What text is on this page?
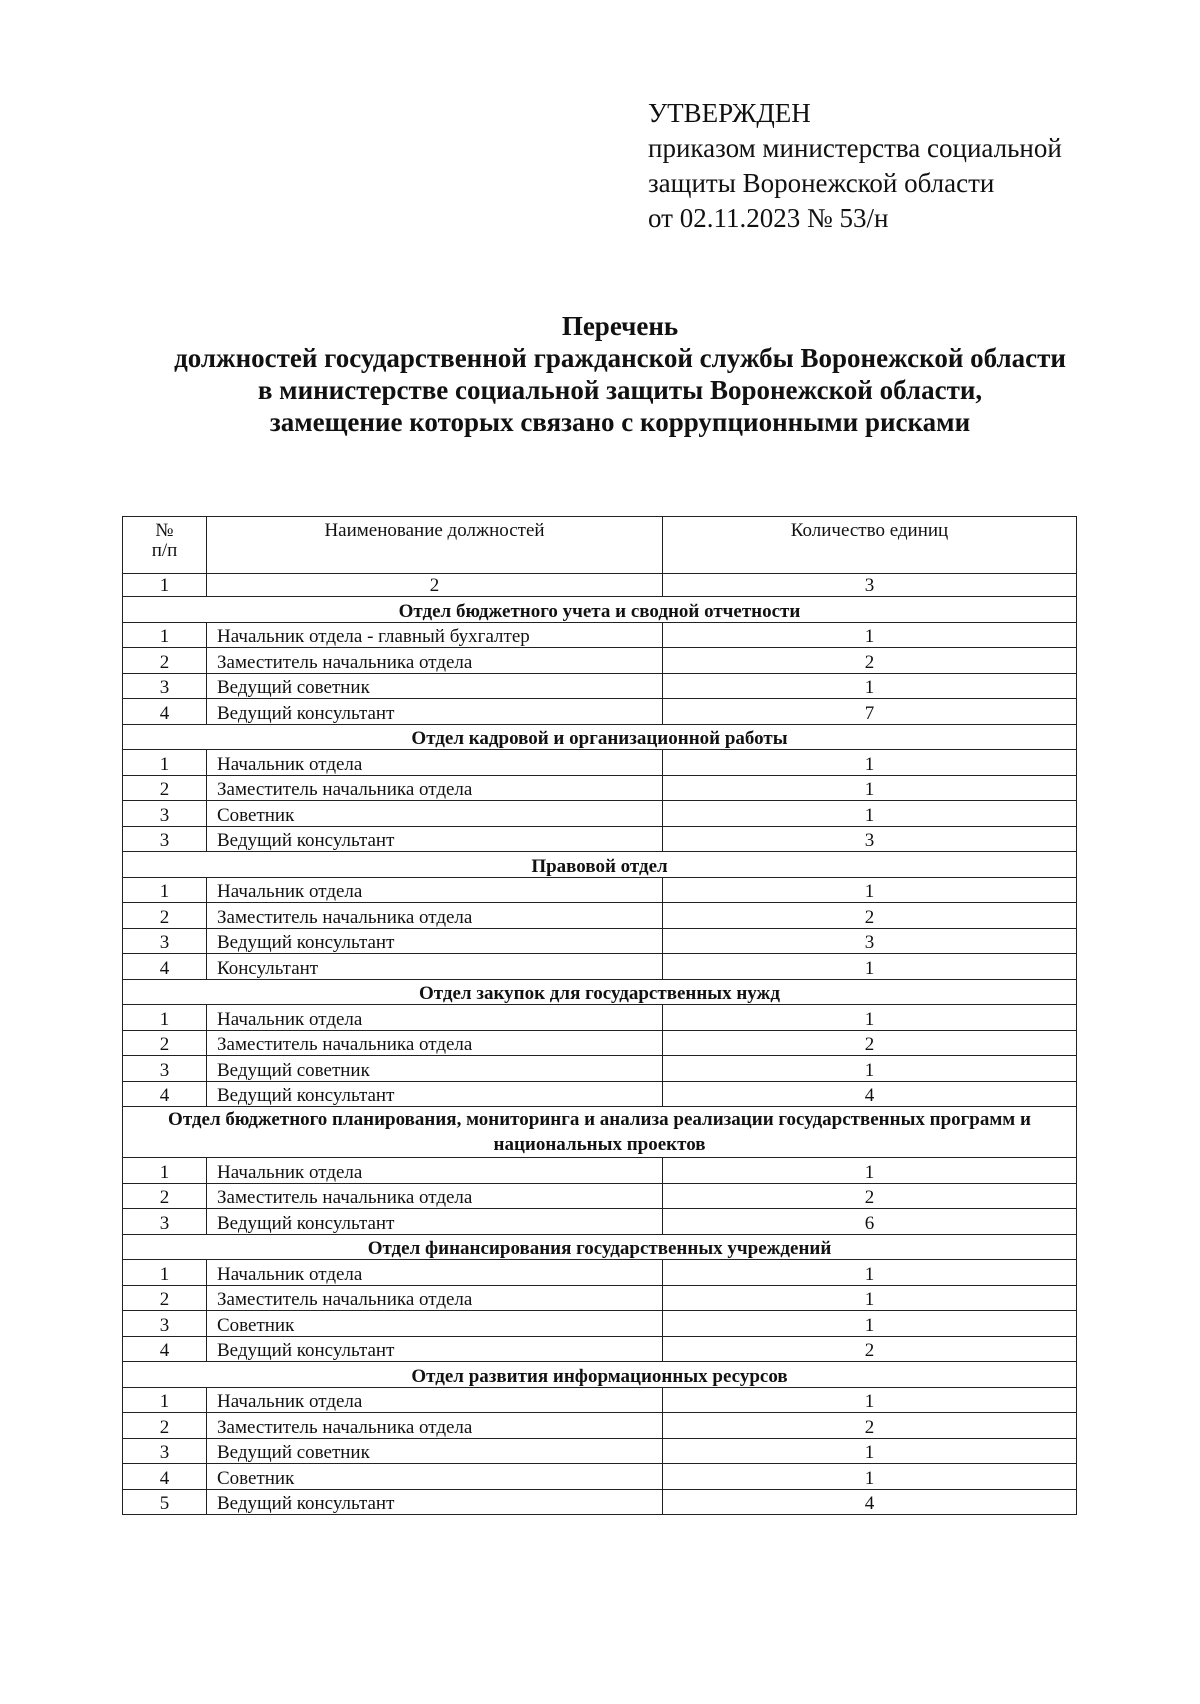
УТВЕРЖДЕН
приказом министерства социальной
защиты Воронежской области
от 02.11.2023 № 53/н
Перечень
должностей государственной гражданской службы Воронежской области
в министерстве социальной защиты Воронежской области,
замещение которых связано с коррупционными рисками
№
п/п	Наименование должностей	Количество единиц
1	2	3
Отдел бюджетного учета и сводной отчетности		
1	Начальник отдела - главный бухгалтер	1
2	Заместитель начальника отдела	2
3	Ведущий советник	1
4	Ведущий консультант	7
Отдел кадровой и организационной работы		
1	Начальник отдела	1
2	Заместитель начальника отдела	1
3	Советник	1
3	Ведущий консультант	3
Правовой отдел		
1	Начальник отдела	1
2	Заместитель начальника отдела	2
3	Ведущий консультант	3
4	Консультант	1
Отдел закупок для государственных нужд		
1	Начальник отдела	1
2	Заместитель начальника отдела	2
3	Ведущий советник	1
4	Ведущий консультант	4
Отдел бюджетного планирования, мониторинга и анализа реализации государственных программ и национальных проектов		
1	Начальник отдела	1
2	Заместитель начальника отдела	2
3	Ведущий консультант	6
Отдел финансирования государственных учреждений		
1	Начальник отдела	1
2	Заместитель начальника отдела	1
3	Советник	1
4	Ведущий консультант	2
Отдел развития информационных ресурсов		
1	Начальник отдела	1
2	Заместитель начальника отдела	2
3	Ведущий советник	1
4	Советник	1
5	Ведущий консультант	4
